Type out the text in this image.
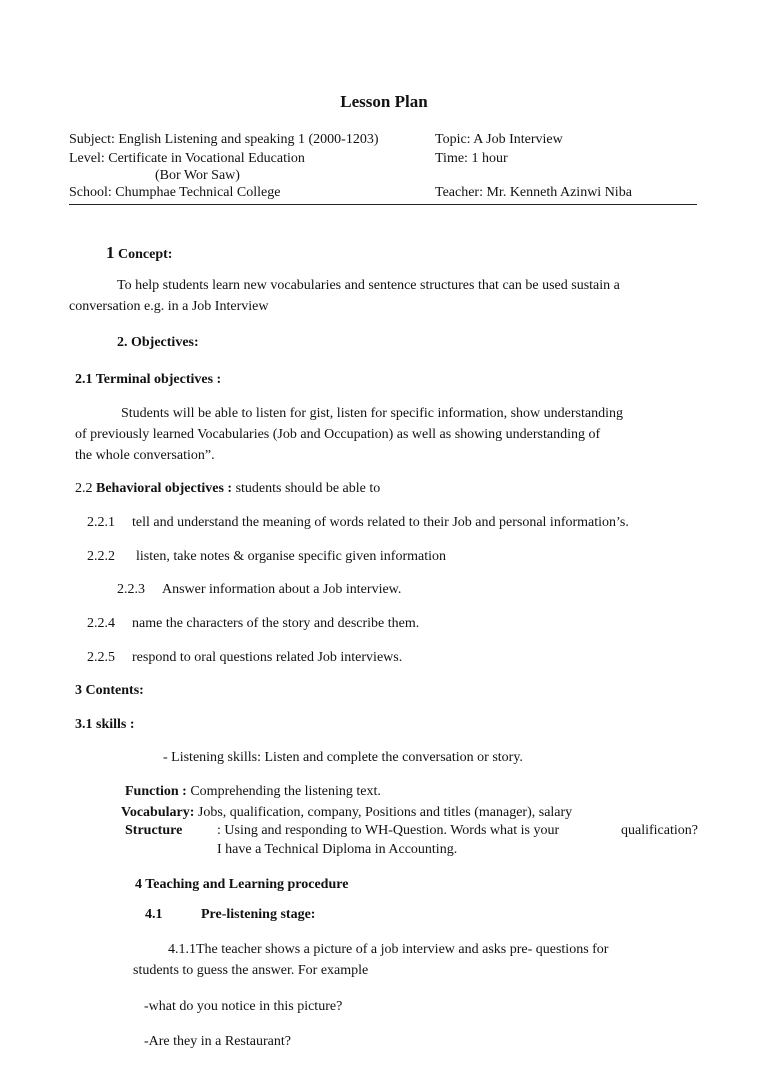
Lesson Plan
Subject: English Listening and speaking 1 (2000-1203)	Topic: A Job Interview
Level: Certificate in Vocational Education	Time: 1 hour
(Bor Wor Saw)
School: Chumphae Technical College	Teacher: Mr. Kenneth Azinwi Niba
1 Concept:
To help students learn new vocabularies and sentence structures that can be used sustain a
conversation e.g. in a Job Interview
2. Objectives:
2.1 Terminal objectives :
Students will be able to listen for gist, listen for specific information, show understanding
of previously learned Vocabularies (Job and Occupation) as well as showing understanding of
the whole conversation”.
2.2 Behavioral objectives : students should be able to
2.2.1 tell and understand the meaning of words related to their Job and personal information’s.
2.2.2 listen, take notes & organise specific given information
2.2.3 Answer information about a Job interview.
2.2.4 name the characters of the story and describe them.
2.2.5 respond to oral questions related Job interviews.
3 Contents:
3.1 skills :
- Listening skills: Listen and complete the conversation or story.
Function : Comprehending the listening text.
Vocabulary: Jobs, qualification, company, Positions and titles (manager), salary
Structure : Using and responding to WH-Question. Words what is your	qualification?
I have a Technical Diploma in Accounting.
4 Teaching and Learning procedure
4.1	Pre-listening stage:
4.1.1The teacher shows a picture of a job interview and asks pre- questions for
students to guess the answer. For example
-what do you notice in this picture?
-Are they in a Restaurant?
